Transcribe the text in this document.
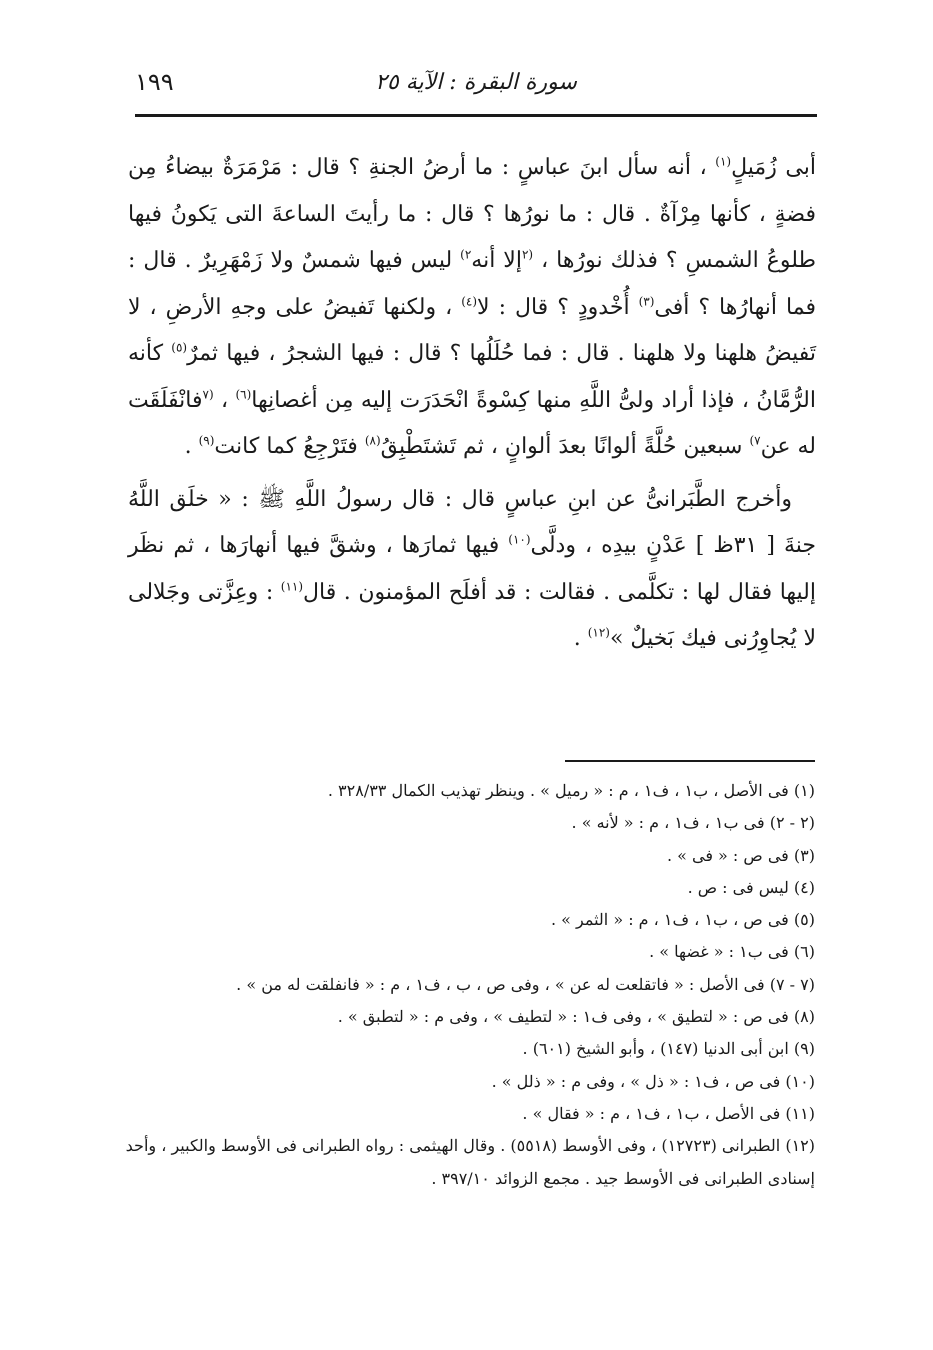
سورة البقرة : الآية ٢٥
١٩٩

أبى زُمَيلٍ$^{(١)}$ ، أنه سأل ابنَ عباسٍ : ما أرضُ الجنةِ ؟ قال : مَرْمَرَةٌ بيضاءُ مِن فضةٍ ، كأنها مِرْآةٌ . قال : ما نورُها ؟ قال : ما رأيتَ الساعةَ التى يَكونُ فيها طلوعُ الشمسِ ؟ فذلك نورُها ، $^{(٢}$إلا أنه$^{٢)}$ ليس فيها شمسٌ ولا زَمْهَرِيرٌ . قال : فما أنهارُها ؟ أفى$^{(٣)}$ أُخْدودٍ ؟ قال : لا$^{(٤)}$ ، ولكنها تَفيضُ على وجهِ الأرضِ ، لا تَفيضُ هلهنا ولا هلهنا . قال : فما حُلَلُها ؟ قال : فيها الشجرُ ، فيها ثمرٌ$^{(٥)}$ كأنه الرُّمَّانُ ، فإذا أراد ولىُّ اللَّهِ منها كِسْوةً انْحَدَرَت إليه مِن أغصانِها$^{(٦)}$ ، $^{(٧}$فانْفَلَقَت له عن$^{٧)}$ سبعين حُلَّةً ألوانًا بعدَ ألوانٍ ، ثم تَشتَطْبِقُ$^{(٨)}$ فتَرْجِعُ كما كانت$^{(٩)}$ .

وأخرج الطَّبَرانىُّ عن ابنِ عباسٍ قال : قال رسولُ اللَّهِ ﷺ : « خلَق اللَّهُ جنةَ [ ٣١ظ ] عَدْنٍ بيدِه ، ودلَّى$^{(١٠)}$ فيها ثمارَها ، وشقَّ فيها أنهارَها ، ثم نظَر إليها فقال لها : تكلَّمى . فقالت : قد أفلَح المؤمنون . قال$^{(١١)}$ : وعِزَّتى وجَلالى لا يُجاوِرُنى فيك بَخيلٌ »$^{(١٢)}$ .

(١) فى الأصل ، ب١ ، ف١ ، م : « رميل » . وينظر تهذيب الكمال ٣٢٨/٣٣ .
(٢ - ٢) فى ب١ ، ف١ ، م : « لأنه » .
(٣) فى ص : « فى » .
(٤) ليس فى : ص .
(٥) فى ص ، ب١ ، ف١ ، م : « الثمر » .
(٦) فى ب١ : « غضها » .
(٧ - ٧) فى الأصل : « فاتقلعت له عن » ، وفى ص ، ب ، ف١ ، م : « فانفلقت له من » .
(٨) فى ص : « لتطيق » ، وفى ف١ : « لتطيف » ، وفى م : « لتطبق » .
(٩) ابن أبى الدنيا (١٤٧) ، وأبو الشيخ (٦٠١) .
(١٠) فى ص ، ف١ : « ذل » ، وفى م : « ذلل » .
(١١) فى الأصل ، ب١ ، ف١ ، م : « فقال » .
(١٢) الطبرانى (١٢٧٢٣) ، وفى الأوسط (٥٥١٨) . وقال الهيثمى : رواه الطبرانى فى الأوسط والكبير ، وأحد إسنادى الطبرانى فى الأوسط جيد . مجمع الزوائد ٣٩٧/١٠ .
